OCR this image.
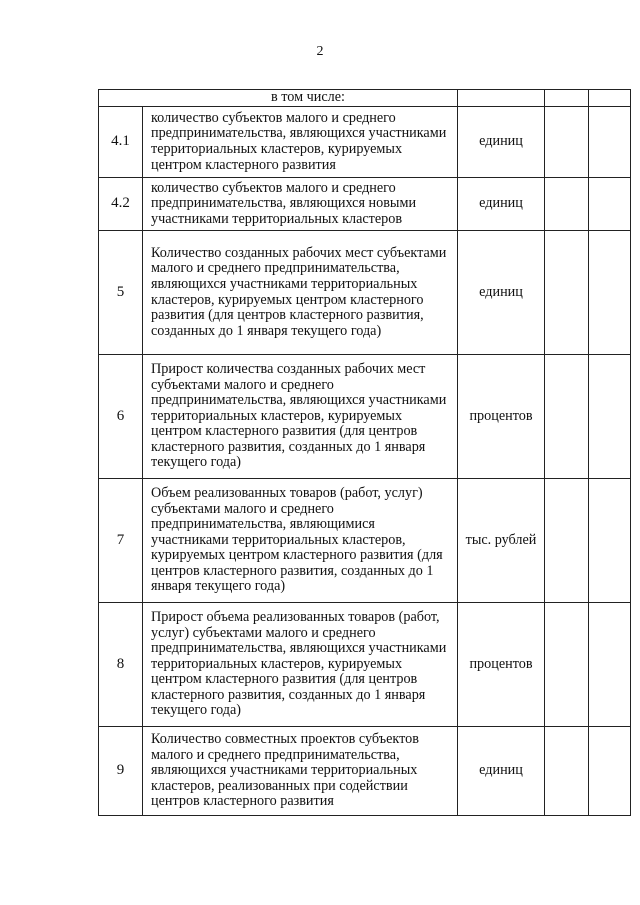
2
в том числе:				
4.1	количество субъектов малого и среднего предпринимательства, являющихся участниками территориальных кластеров, курируемых центром кластерного развития	единиц		
4.2	количество субъектов малого и среднего предпринимательства, являющихся новыми участниками территориальных кластеров	единиц		
5	Количество созданных рабочих мест субъектами малого и среднего предпринимательства, являющихся участниками территориальных кластеров, курируемых центром кластерного развития (для центров кластерного развития, созданных до 1 января текущего года)	единиц		
6	Прирост количества созданных рабочих мест субъектами малого и среднего предпринимательства, являющихся участниками территориальных кластеров, курируемых центром кластерного развития (для центров кластерного развития, созданных до 1 января текущего года)	процентов		
7	Объем реализованных товаров (работ, услуг) субъектами малого и среднего предпринимательства, являющимися участниками территориальных кластеров, курируемых центром кластерного развития (для центров кластерного развития, созданных до 1 января текущего года)	тыс. рублей		
8	Прирост объема реализованных товаров (работ, услуг) субъектами малого и среднего предпринимательства, являющихся участниками территориальных кластеров, курируемых центром кластерного развития (для центров кластерного развития, созданных до 1 января текущего года)	процентов		
9	Количество совместных проектов субъектов малого и среднего предпринимательства, являющихся участниками территориальных кластеров, реализованных при содействии центров кластерного развития	единиц		
